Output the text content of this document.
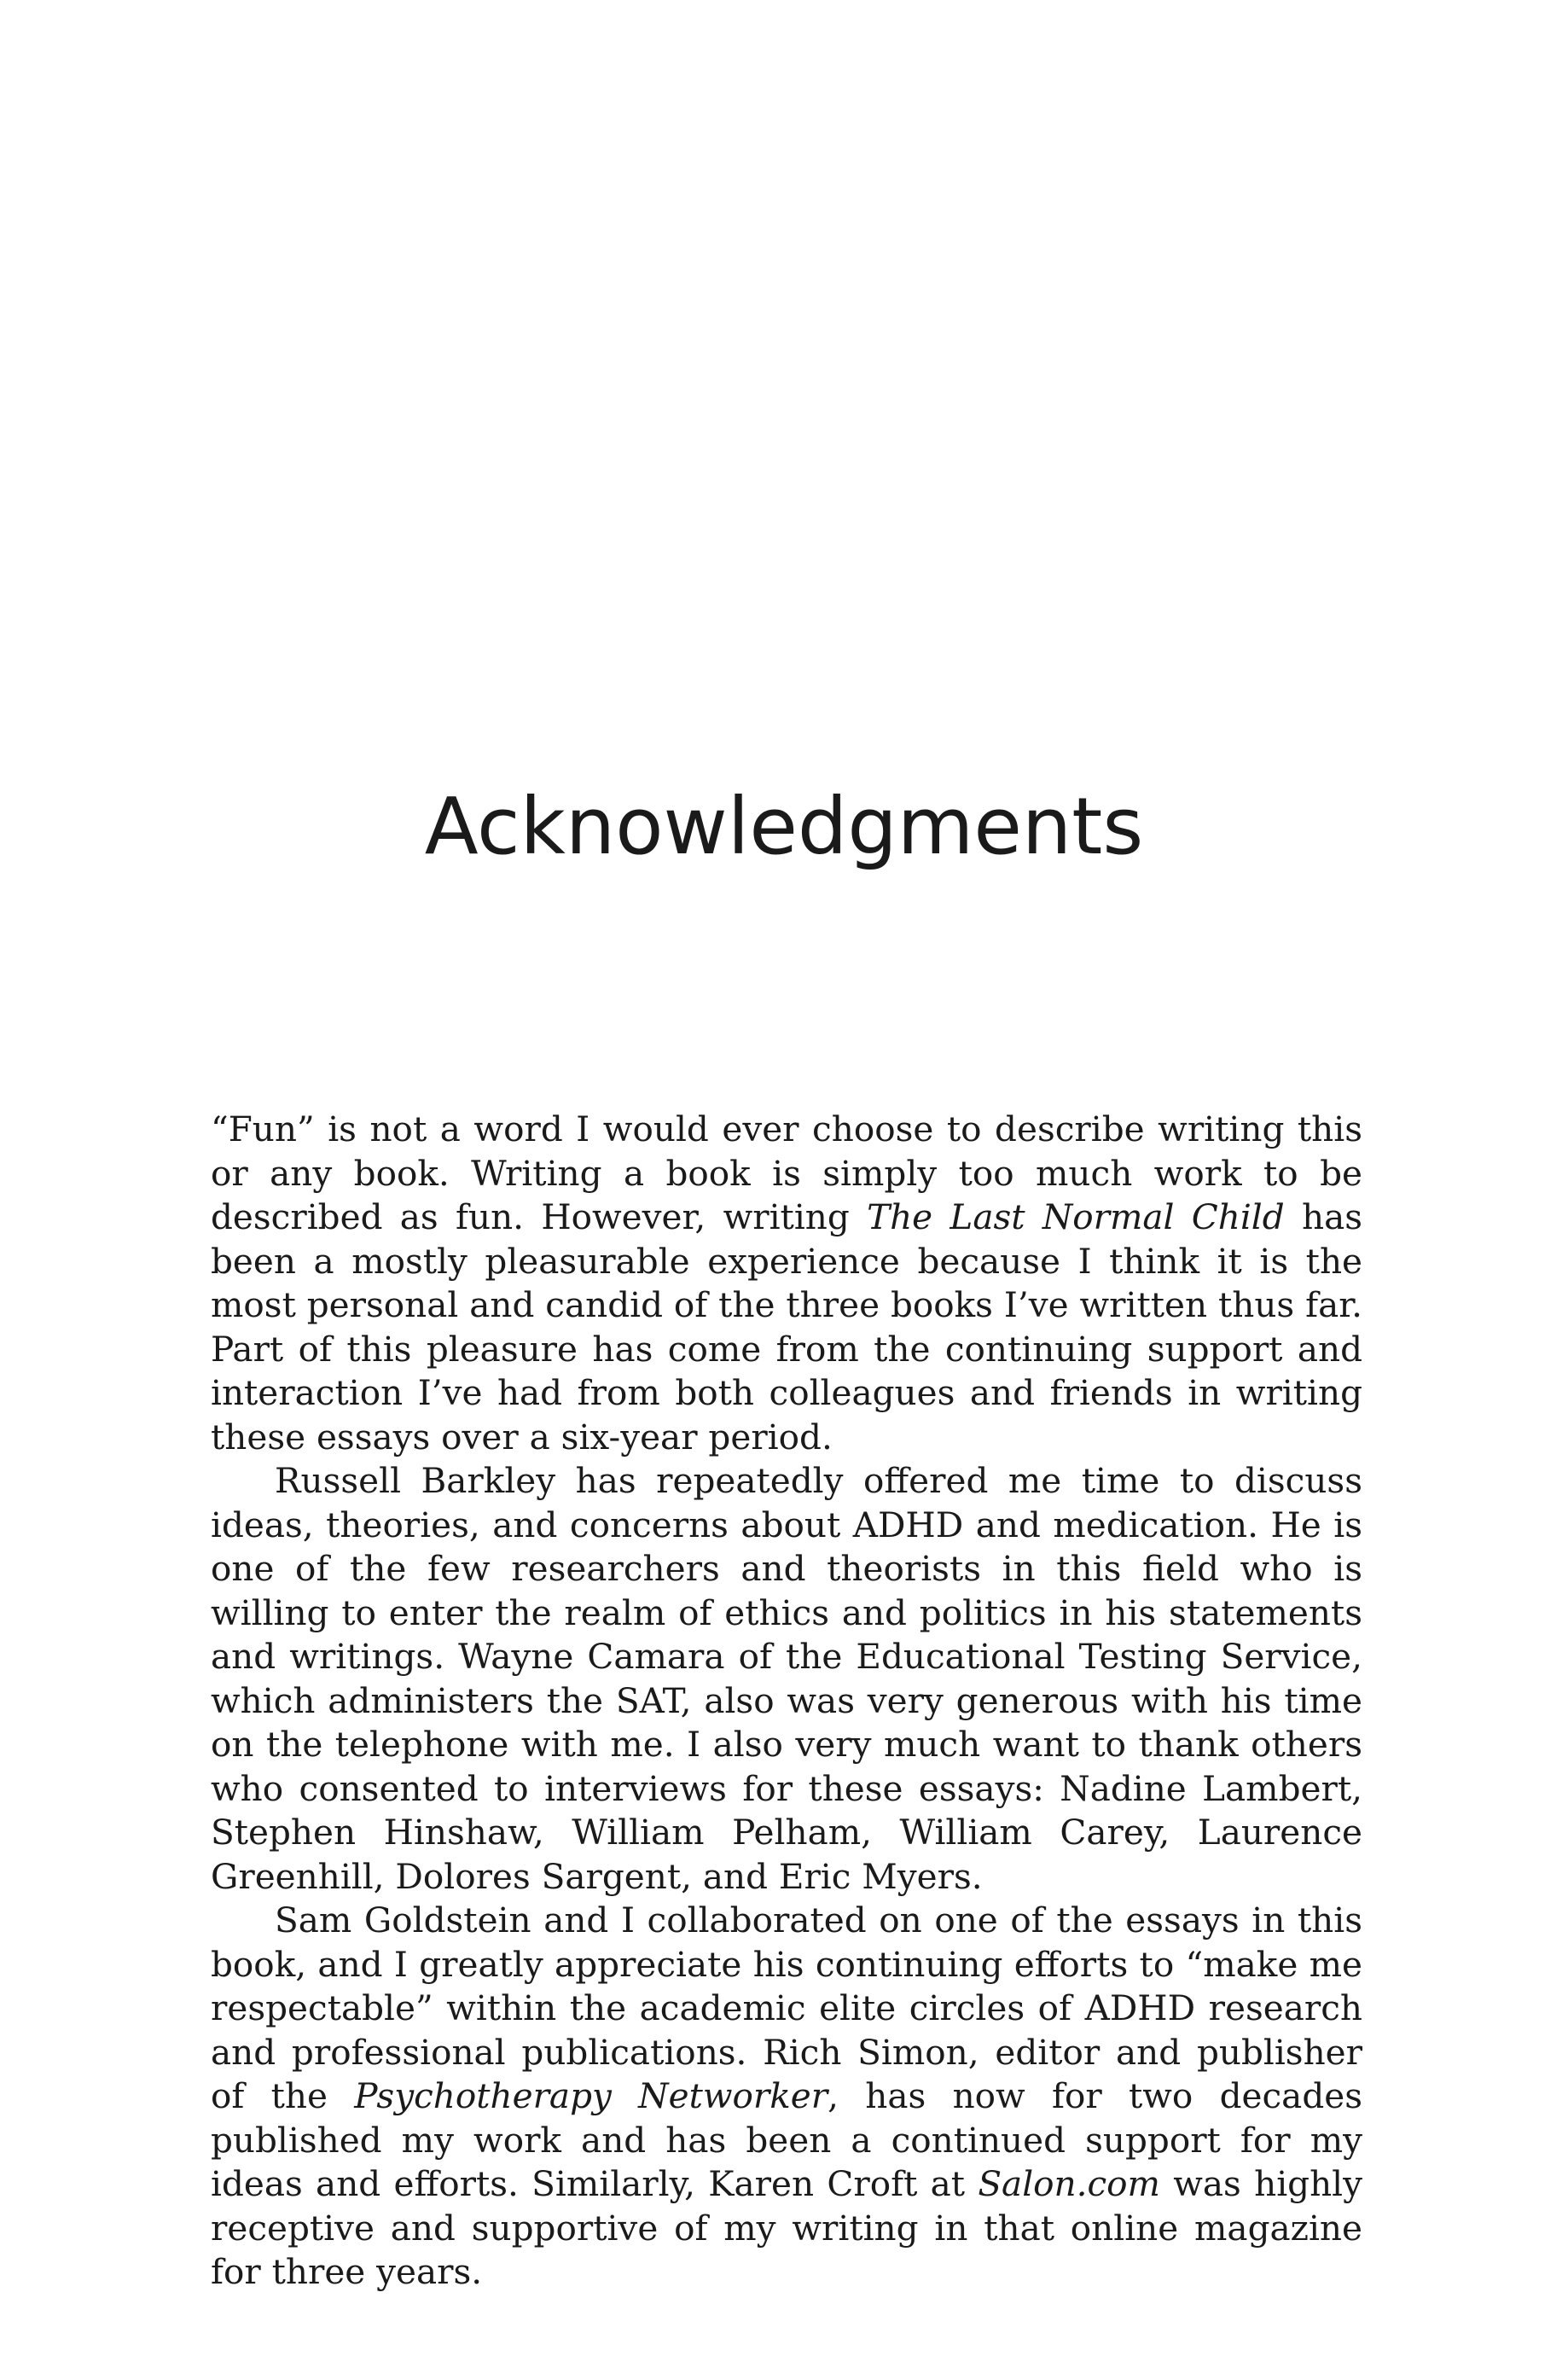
Acknowledgments

“Fun” is not a word I would ever choose to describe writing this or any book. Writing a book is simply too much work to be described as fun. However, writing The Last Normal Child has been a mostly pleasurable experience because I think it is the most personal and candid of the three books I’ve written thus far. Part of this pleasure has come from the continuing support and interaction I’ve had from both colleagues and friends in writing these essays over a six-year period.

Russell Barkley has repeatedly offered me time to discuss ideas, theories, and concerns about ADHD and medication. He is one of the few researchers and theorists in this field who is willing to enter the realm of ethics and politics in his statements and writings. Wayne Camara of the Educational Testing Service, which administers the SAT, also was very generous with his time on the telephone with me. I also very much want to thank others who consented to interviews for these essays: Nadine Lambert, Stephen Hinshaw, William Pelham, William Carey, Laurence Greenhill, Dolores Sargent, and Eric Myers.

Sam Goldstein and I collaborated on one of the essays in this book, and I greatly appreciate his continuing efforts to “make me respectable” within the academic elite circles of ADHD research and professional publications. Rich Simon, editor and publisher of the Psychotherapy Networker, has now for two decades published my work and has been a continued support for my ideas and efforts. Similarly, Karen Croft at Salon.com was highly receptive and supportive of my writing in that online magazine for three years.
